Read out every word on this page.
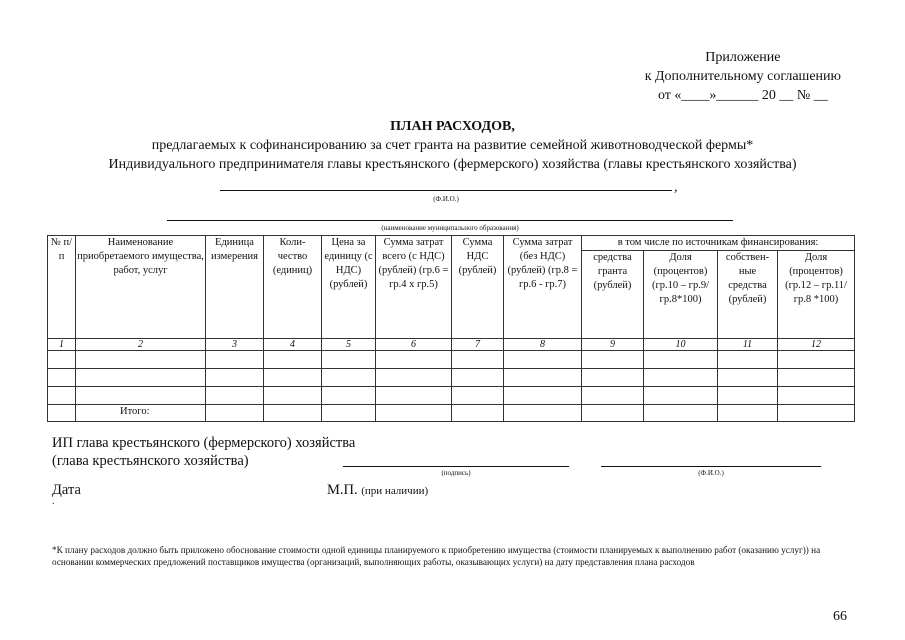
Приложение
к Дополнительному соглашению
от «____»______ 20 __ № __
ПЛАН РАСХОДОВ,
предлагаемых к софинансированию за счет гранта на развитие семейной животноводческой фермы*
Индивидуального предпринимателя главы крестьянского (фермерского) хозяйства (главы крестьянского хозяйства)
,
(Ф.И.О.)
(наименование муниципального образования)
№ п/п	Наименование приобретаемого имущества, работ, услуг	Единица измерения	Коли-чество (единиц)	Цена за единицу (с НДС) (рублей)	Сумма затрат всего (с НДС) (рублей) (гр.6 = гр.4 х гр.5)	Сумма НДС (рублей)	Сумма затрат (без НДС) (рублей) (гр.8 = гр.6 - гр.7)	в том числе по источникам финансирования:			
								средства гранта (рублей)	Доля (процентов) (гр.10 – гр.9/гр.8*100)	собствен-ные средства (рублей)	Доля (процентов) (гр.12 – гр.11/гр.8 *100)
1	2	3	4	5	6	7	8	9	10	11	12

	Итого:										
ИП глава крестьянского (фермерского) хозяйства
(глава крестьянского хозяйства)
(подпись)	(Ф.И.О.)
Дата	М.П. (при наличии)
.
*К плану расходов должно быть приложено обоснование стоимости одной единицы планируемого к приобретению имущества (стоимости планируемых к выполнению работ (оказанию услуг)) на основании коммерческих предложений поставщиков имущества (организаций, выполняющих работы, оказывающих услуги) на дату представления плана расходов
66
